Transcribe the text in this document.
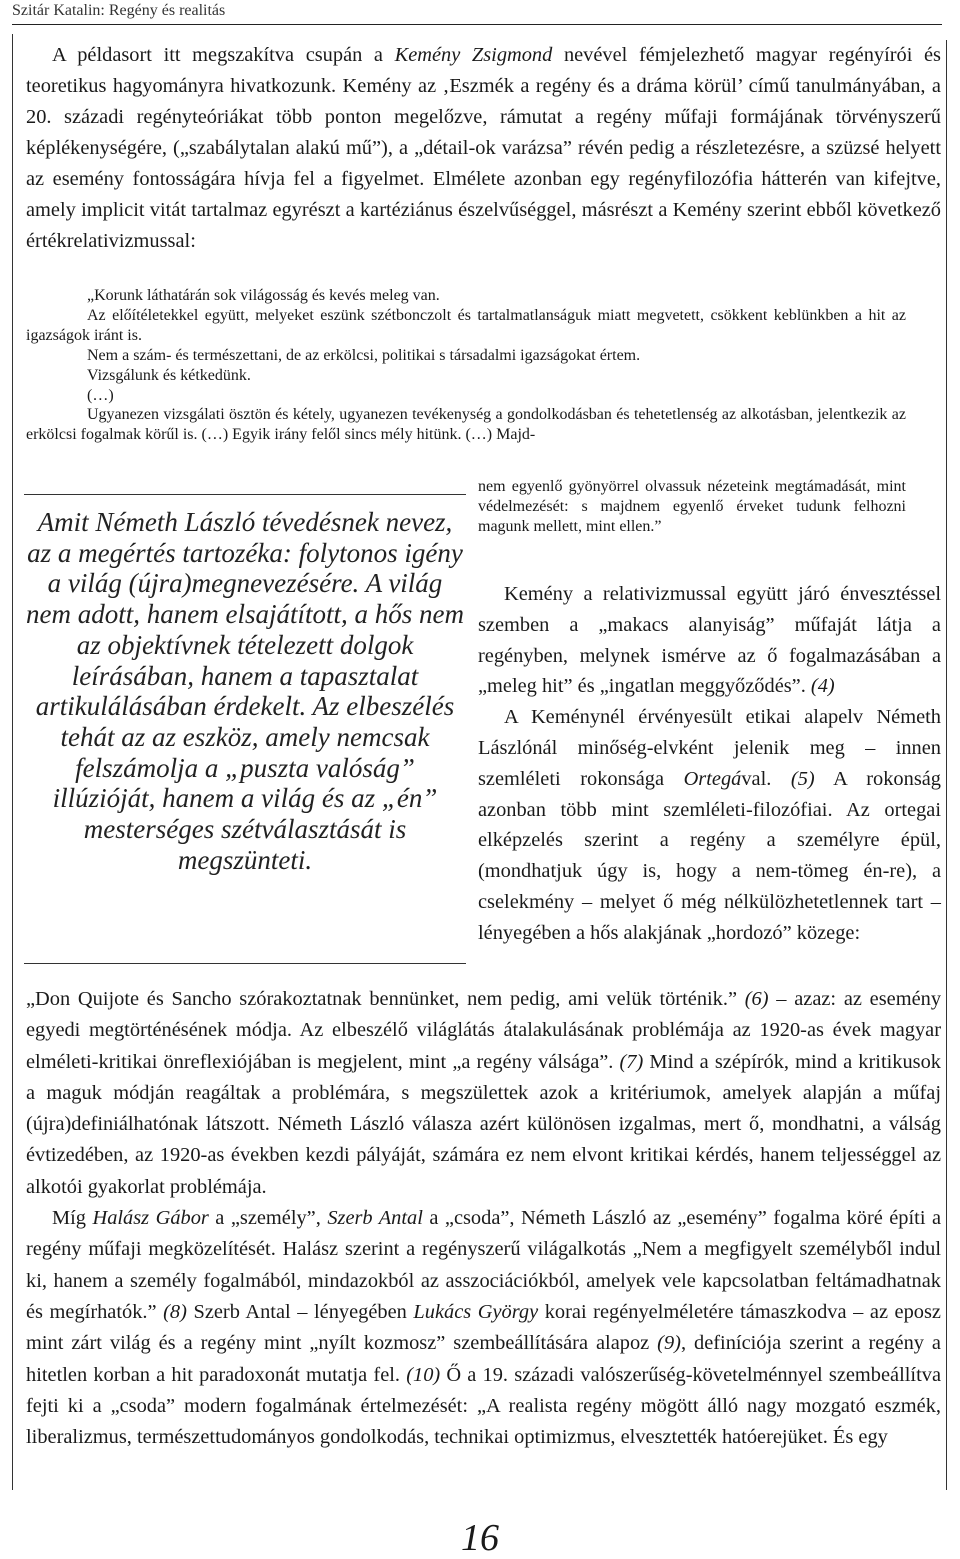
Szitár Katalin: Regény és realitás

A példasort itt megszakítva csupán a Kemény Zsigmond nevével fémjelezhető magyar regényírói és teoretikus hagyományra hivatkozunk. Kemény az ‚Eszmék a regény és a dráma körül’ című tanulmányában, a 20. századi regényteóriákat több ponton megelőzve, rámutat a regény műfaji formájának törvényszerű képlékenységére, („szabálytalan alakú mű”), a „détail-ok varázsa” révén pedig a részletezésre, a szüzsé helyett az esemény fontosságára hívja fel a figyelmet. Elmélete azonban egy regényfilozófia hátterén van kifejtve, amely implicit vitát tartalmaz egyrészt a kartéziánus észelvűséggel, másrészt a Kemény szerint ebből következő értékrelativizmussal:

„Korunk láthatárán sok világosság és kevés meleg van.

Az előítéletekkel együtt, melyeket eszünk szétbonczolt és tartalmatlanságuk miatt megvetett, csökkent keblünkben a hit az igazságok iránt is.

Nem a szám- és természettani, de az erkölcsi, politikai s társadalmi igazságokat értem.

Vizsgálunk és kétkedünk.

(…)

Ugyanezen vizsgálati ösztön és kétely, ugyanezen tevékenység a gondolkodásban és tehetetlenség az alkotásban, jelentkezik az erkölcsi fogalmak körűl is. (…) Egyik irány felől sincs mély hitünk. (…) Majd-

nem egyenlő gyönyörrel olvassuk nézeteink megtámadását, mint védelmezését: s majdnem egyenlő érveket tudunk felhozni magunk mellett, mint ellen.”

Amit Németh László tévedésnek nevez, az a megértés tartozéka: folytonos igény a világ (újra)megnevezésére. A világ nem adott, hanem elsajátított, a hős nem az objektívnek tételezett dolgok leírásában, hanem a tapasztalat artikulálásában érdekelt. Az elbeszélés tehát az az eszköz, amely nemcsak felszámolja a „puszta valóság” illúzióját, hanem a világ és az „én” mesterséges szétválasztását is megszünteti.

Kemény a relativizmussal együtt járó énvesztéssel szemben a „makacs alanyiság” műfaját látja a regényben, melynek ismérve az ő fogalmazásában a „meleg hit” és „ingatlan meggyőződés”. (4)

A Keménynél érvényesült etikai alapelv Németh Lászlónál minőség-elvként jelenik meg – innen szemléleti rokonsága Ortegával. (5) A rokonság azonban több mint szemléleti-filozófiai. Az ortegai elképzelés szerint a regény a személyre épül, (mondhatjuk úgy is, hogy a nem-tömeg én-re), a cselekmény – melyet ő még nélkülözhetetlennek tart – lényegében a hős alakjának „hordozó” közege:

„Don Quijote és Sancho szórakoztatnak bennünket, nem pedig, ami velük történik.” (6) – azaz: az esemény egyedi megtörténésének módja. Az elbeszélő világlátás átalakulásának problémája az 1920-as évek magyar elméleti-kritikai önreflexiójában is megjelent, mint „a regény válsága”. (7) Mind a szépírók, mind a kritikusok a maguk módján reagáltak a problémára, s megszülettek azok a kritériumok, amelyek alapján a műfaj (újra)definiálhatónak látszott. Németh László válasza azért különösen izgalmas, mert ő, mondhatni, a válság évtizedében, az 1920-as években kezdi pályáját, számára ez nem elvont kritikai kérdés, hanem teljességgel az alkotói gyakorlat problémája.

Míg Halász Gábor a „személy”, Szerb Antal a „csoda”, Németh László az „esemény” fogalma köré építi a regény műfaji megközelítését. Halász szerint a regényszerű világalkotás „Nem a megfigyelt személyből indul ki, hanem a személy fogalmából, mindazokból az asszociációkból, amelyek vele kapcsolatban feltámadhatnak és megírhatók.” (8) Szerb Antal – lényegében Lukács György korai regényelméletére támaszkodva – az eposz mint zárt világ és a regény mint „nyílt kozmosz” szembeállítására alapoz (9), definíciója szerint a regény a hitetlen korban a hit paradoxonát mutatja fel. (10) Ő a 19. századi valószerűség-követelménnyel szembeállítva fejti ki a „csoda” modern fogalmának értelmezését: „A realista regény mögött álló nagy mozgató eszmék, liberalizmus, természettudományos gondolkodás, technikai optimizmus, elvesztették hatóerejüket. És egy

16
